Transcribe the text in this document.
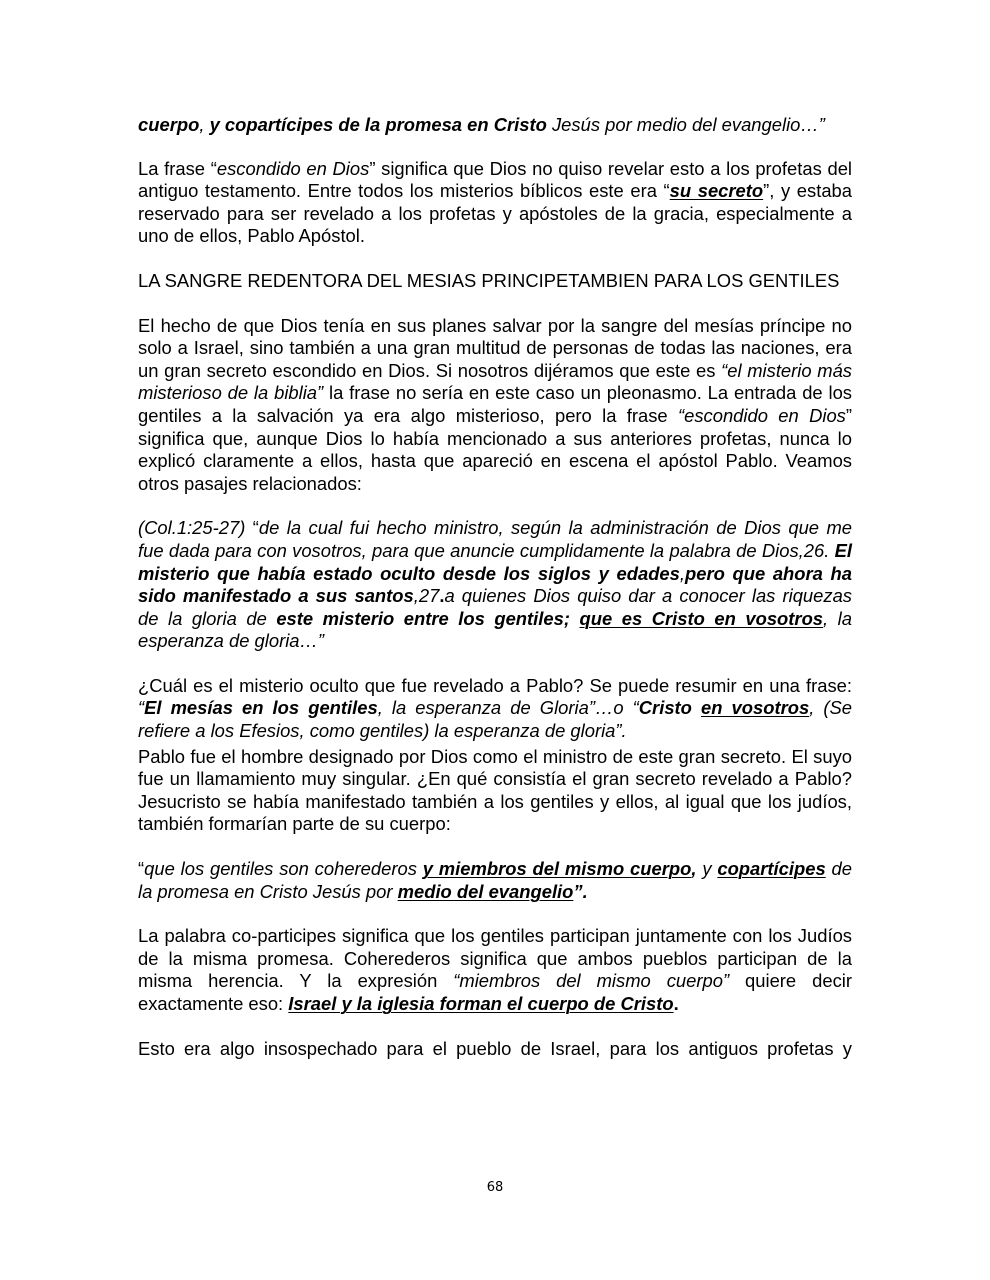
cuerpo, y copartícipes de la promesa en Cristo Jesús por medio del evangelio…”

La frase “escondido en Dios” significa que Dios no quiso revelar esto a los profetas del antiguo testamento. Entre todos los misterios bíblicos este era “su secreto”, y estaba reservado para ser revelado a los profetas y apóstoles de la gracia, especialmente a uno de ellos, Pablo Apóstol.

LA SANGRE REDENTORA DEL MESIAS PRINCIPETAMBIEN PARA LOS GENTILES

El hecho de que Dios tenía en sus planes salvar por la sangre del mesías príncipe no solo a Israel, sino también a una gran multitud de personas de todas las naciones, era un gran secreto escondido en Dios. Si nosotros dijéramos que este es “el misterio más misterioso de la biblia” la frase no sería en este caso un pleonasmo. La entrada de los gentiles a la salvación ya era algo misterioso, pero la frase “escondido en Dios” significa que, aunque Dios lo había mencionado a sus anteriores profetas, nunca lo explicó claramente a ellos, hasta que apareció en escena el apóstol Pablo. Veamos otros pasajes relacionados:

(Col.1:25-27) “de la cual fui hecho ministro, según la administración de Dios que me fue dada para con vosotros, para que anuncie cumplidamente la palabra de Dios,26. El misterio que había estado oculto desde los siglos y edades,pero que ahora ha sido manifestado a sus santos,27.a quienes Dios quiso dar a conocer las riquezas de la gloria de este misterio entre los gentiles; que es Cristo en vosotros, la esperanza de gloria…”

¿Cuál es el misterio oculto que fue revelado a Pablo? Se puede resumir en una frase: “El mesías en los gentiles, la esperanza de Gloria”…o “Cristo en vosotros, (Se refiere a los Efesios, como gentiles) la esperanza de gloria”.

Pablo fue el hombre designado por Dios como el ministro de este gran secreto. El suyo fue un llamamiento muy singular. ¿En qué consistía el gran secreto revelado a Pablo? Jesucristo se había manifestado también a los gentiles y ellos, al igual que los judíos, también formarían parte de su cuerpo:

“que los gentiles son coherederos y miembros del mismo cuerpo, y copartícipes de la promesa en Cristo Jesús por medio del evangelio”.

La palabra co-participes significa que los gentiles participan juntamente con los Judíos de la misma promesa. Coherederos significa que ambos pueblos participan de la misma herencia. Y la expresión “miembros del mismo cuerpo” quiere decir exactamente eso: Israel y la iglesia forman el cuerpo de Cristo.

Esto era algo insospechado para el pueblo de Israel, para los antiguos profetas y

68
